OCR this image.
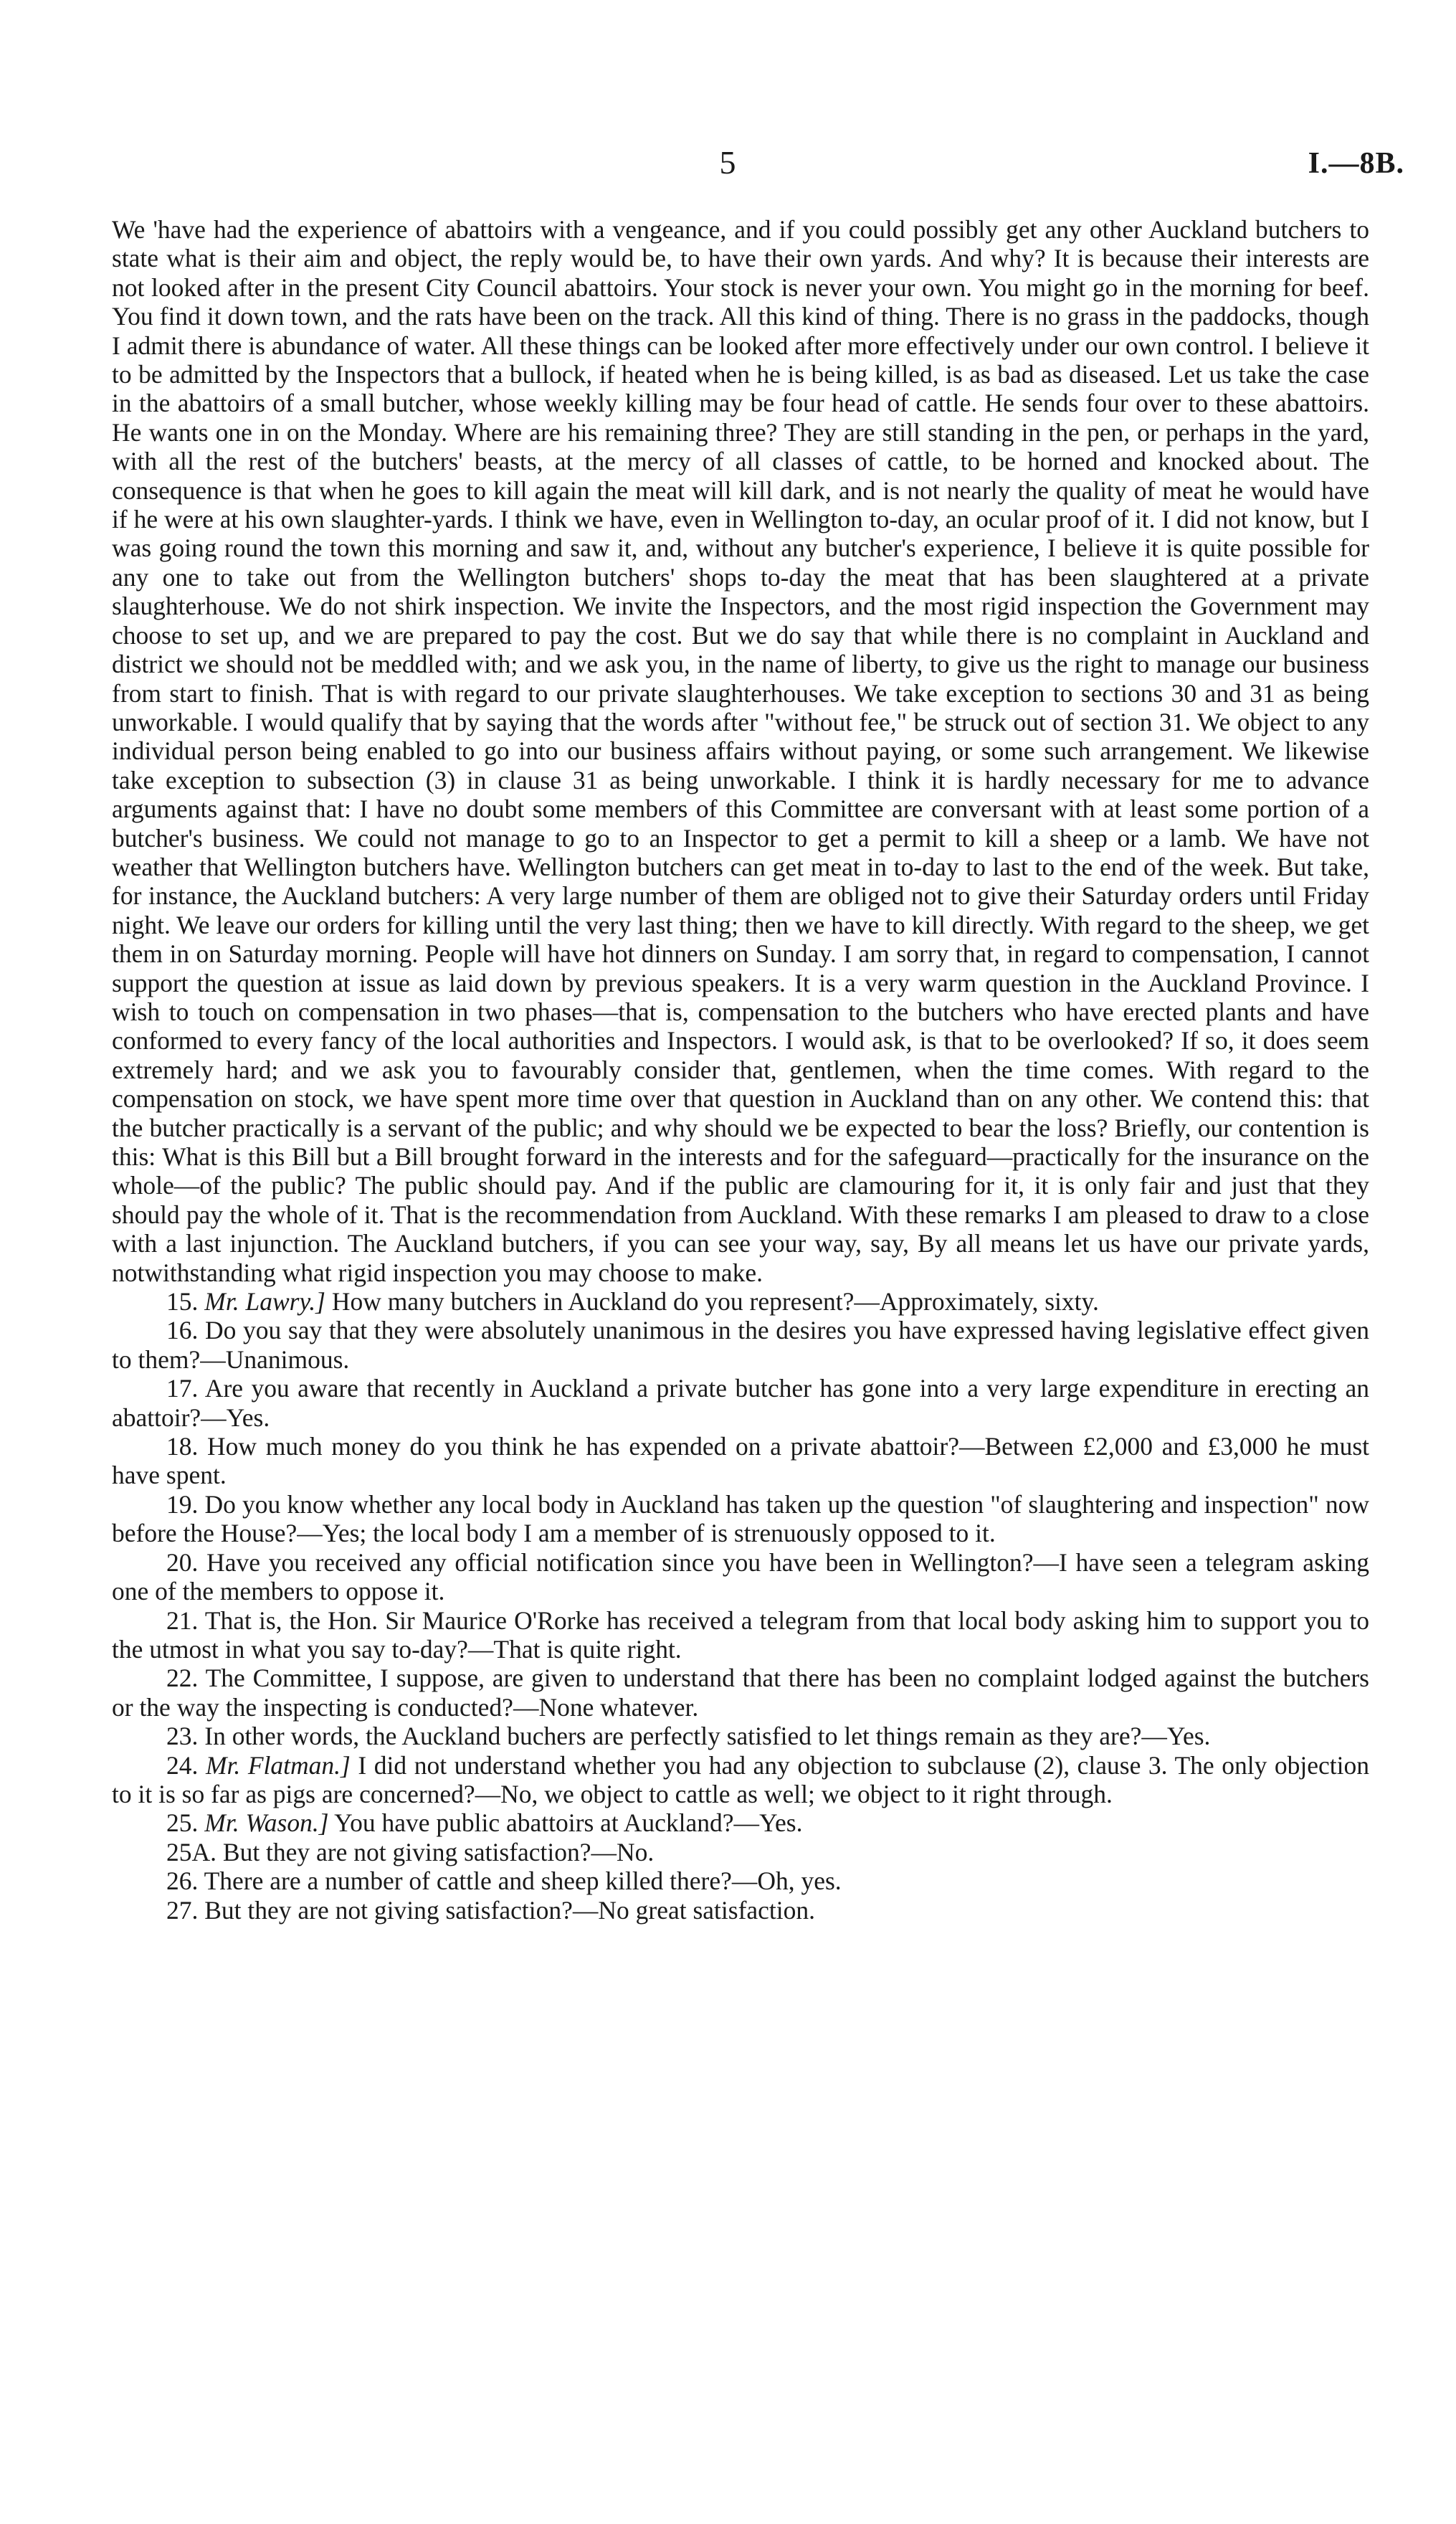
5	I.—8B.

We 'have had the experience of abattoirs with a vengeance, and if you could possibly get any other Auckland butchers to state what is their aim and object, the reply would be, to have their own yards. And why? It is because their interests are not looked after in the present City Council abattoirs. Your stock is never your own. You might go in the morning for beef. You find it down town, and the rats have been on the track. All this kind of thing. There is no grass in the paddocks, though I admit there is abundance of water. All these things can be looked after more effectively under our own control. I believe it to be admitted by the Inspectors that a bullock, if heated when he is being killed, is as bad as diseased. Let us take the case in the abattoirs of a small butcher, whose weekly killing may be four head of cattle. He sends four over to these abattoirs. He wants one in on the Monday. Where are his remaining three? They are still standing in the pen, or perhaps in the yard, with all the rest of the butchers' beasts, at the mercy of all classes of cattle, to be horned and knocked about. The consequence is that when he goes to kill again the meat will kill dark, and is not nearly the quality of meat he would have if he were at his own slaughter-yards. I think we have, even in Wellington to-day, an ocular proof of it. I did not know, but I was going round the town this morning and saw it, and, without any butcher's experience, I believe it is quite possible for any one to take out from the Wellington butchers' shops to-day the meat that has been slaughtered at a private slaughterhouse. We do not shirk inspection. We invite the Inspectors, and the most rigid inspection the Government may choose to set up, and we are prepared to pay the cost. But we do say that while there is no complaint in Auckland and district we should not be meddled with; and we ask you, in the name of liberty, to give us the right to manage our business from start to finish. That is with regard to our private slaughterhouses. We take exception to sections 30 and 31 as being unworkable. I would qualify that by saying that the words after "without fee," be struck out of section 31. We object to any individual person being enabled to go into our business affairs without paying, or some such arrangement. We likewise take exception to subsection (3) in clause 31 as being unworkable. I think it is hardly necessary for me to advance arguments against that: I have no doubt some members of this Committee are conversant with at least some portion of a butcher's business. We could not manage to go to an Inspector to get a permit to kill a sheep or a lamb. We have not weather that Wellington butchers have. Wellington butchers can get meat in to-day to last to the end of the week. But take, for instance, the Auckland butchers: A very large number of them are obliged not to give their Saturday orders until Friday night. We leave our orders for killing until the very last thing; then we have to kill directly. With regard to the sheep, we get them in on Saturday morning. People will have hot dinners on Sunday. I am sorry that, in regard to compensation, I cannot support the question at issue as laid down by previous speakers. It is a very warm question in the Auckland Province. I wish to touch on compensation in two phases—that is, compensation to the butchers who have erected plants and have conformed to every fancy of the local authorities and Inspectors. I would ask, is that to be overlooked? If so, it does seem extremely hard; and we ask you to favourably consider that, gentlemen, when the time comes. With regard to the compensation on stock, we have spent more time over that question in Auckland than on any other. We contend this: that the butcher practically is a servant of the public; and why should we be expected to bear the loss? Briefly, our contention is this: What is this Bill but a Bill brought forward in the interests and for the safeguard—practically for the insurance on the whole—of the public? The public should pay. And if the public are clamouring for it, it is only fair and just that they should pay the whole of it. That is the recommendation from Auckland. With these remarks I am pleased to draw to a close with a last injunction. The Auckland butchers, if you can see your way, say, By all means let us have our private yards, notwithstanding what rigid inspection you may choose to make.

15. Mr. Lawry.] How many butchers in Auckland do you represent?—Approximately, sixty.

16. Do you say that they were absolutely unanimous in the desires you have expressed having legislative effect given to them?—Unanimous.

17. Are you aware that recently in Auckland a private butcher has gone into a very large expenditure in erecting an abattoir?—Yes.

18. How much money do you think he has expended on a private abattoir?—Between £2,000 and £3,000 he must have spent.

19. Do you know whether any local body in Auckland has taken up the question "of slaughtering and inspection" now before the House?—Yes; the local body I am a member of is strenuously opposed to it.

20. Have you received any official notification since you have been in Wellington?—I have seen a telegram asking one of the members to oppose it.

21. That is, the Hon. Sir Maurice O'Rorke has received a telegram from that local body asking him to support you to the utmost in what you say to-day?—That is quite right.

22. The Committee, I suppose, are given to understand that there has been no complaint lodged against the butchers or the way the inspecting is conducted?—None whatever.

23. In other words, the Auckland buchers are perfectly satisfied to let things remain as they are?—Yes.

24. Mr. Flatman.] I did not understand whether you had any objection to subclause (2), clause 3. The only objection to it is so far as pigs are concerned?—No, we object to cattle as well; we object to it right through.

25. Mr. Wason.] You have public abattoirs at Auckland?—Yes.

25A. But they are not giving satisfaction?—No.

26. There are a number of cattle and sheep killed there?—Oh, yes.

27. But they are not giving satisfaction?—No great satisfaction.
